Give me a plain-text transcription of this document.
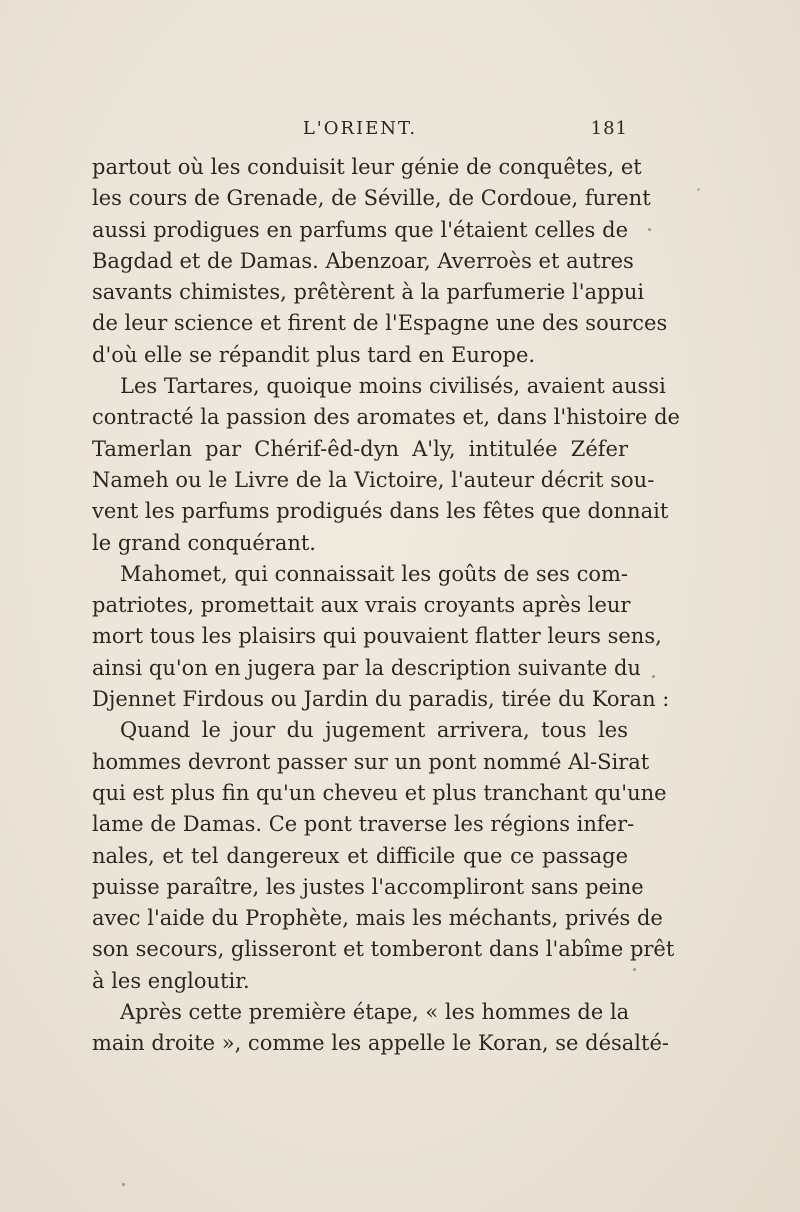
L'ORIENT.	181
partout où les conduisit leur génie de conquêtes, et
les cours de Grenade, de Séville, de Cordoue, furent
aussi prodigues en parfums que l'étaient celles de
Bagdad et de Damas. Abenzoar, Averroès et autres
savants chimistes, prêtèrent à la parfumerie l'appui
de leur science et firent de l'Espagne une des sources
d'où elle se répandit plus tard en Europe.
Les Tartares, quoique moins civilisés, avaient aussi
contracté la passion des aromates et, dans l'histoire de
Tamerlan par Chérif-êd-dyn A'ly, intitulée Zéfer
Nameh ou le Livre de la Victoire, l'auteur décrit sou-
vent les parfums prodigués dans les fêtes que donnait
le grand conquérant.
Mahomet, qui connaissait les goûts de ses com-
patriotes, promettait aux vrais croyants après leur
mort tous les plaisirs qui pouvaient flatter leurs sens,
ainsi qu'on en jugera par la description suivante du
Djennet Firdous ou Jardin du paradis, tirée du Koran :
Quand le jour du jugement arrivera, tous les
hommes devront passer sur un pont nommé Al-Sirat
qui est plus fin qu'un cheveu et plus tranchant qu'une
lame de Damas. Ce pont traverse les régions infer-
nales, et tel dangereux et difficile que ce passage
puisse paraître, les justes l'accompliront sans peine
avec l'aide du Prophète, mais les méchants, privés de
son secours, glisseront et tomberont dans l'abîme prêt
à les engloutir.
Après cette première étape, « les hommes de la
main droite », comme les appelle le Koran, se désalté-
